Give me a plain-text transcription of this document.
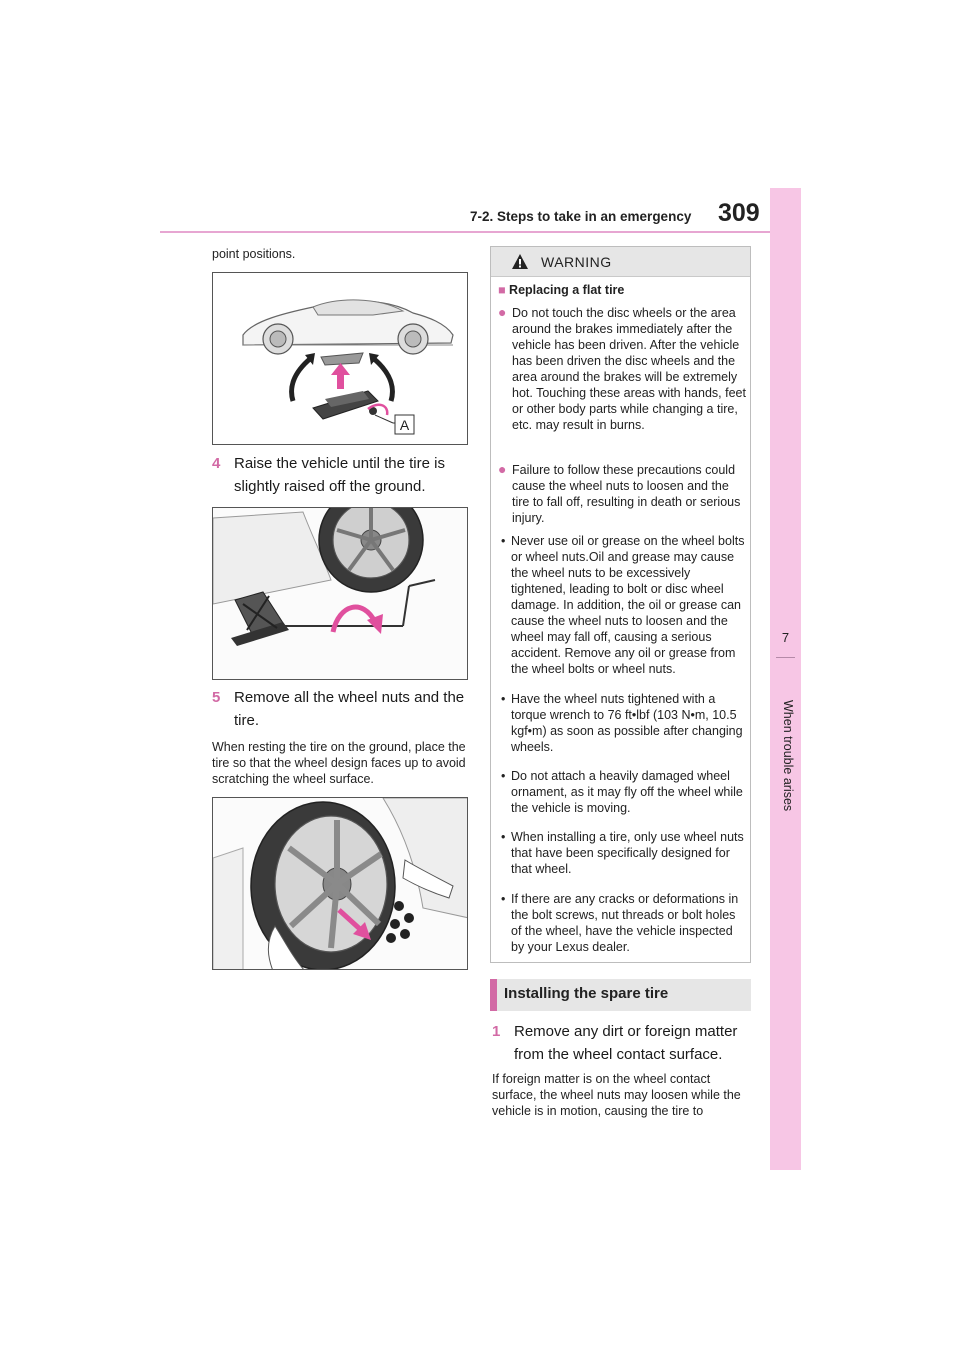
7-2. Steps to take in an emergency 309
7
When trouble arises
point positions.
A
4 Raise the vehicle until the tire is slightly raised off the ground.
5 Remove all the wheel nuts and the tire.
When resting the tire on the ground, place the tire so that the wheel design faces up to avoid scratching the wheel surface.
WARNING
■ Replacing a flat tire
● Do not touch the disc wheels or the area around the brakes immediately after the vehicle has been driven. After the vehicle has been driven the disc wheels and the area around the brakes will be extremely hot. Touching these areas with hands, feet or other body parts while changing a tire, etc. may result in burns.
● Failure to follow these precautions could cause the wheel nuts to loosen and the tire to fall off, resulting in death or serious injury.
• Never use oil or grease on the wheel bolts or wheel nuts.Oil and grease may cause the wheel nuts to be excessively tightened, leading to bolt or disc wheel damage. In addition, the oil or grease can cause the wheel nuts to loosen and the wheel may fall off, causing a serious accident. Remove any oil or grease from the wheel bolts or wheel nuts.
• Have the wheel nuts tightened with a torque wrench to 76 ft•lbf (103 N•m, 10.5 kgf•m) as soon as possible after changing wheels.
• Do not attach a heavily damaged wheel ornament, as it may fly off the wheel while the vehicle is moving.
• When installing a tire, only use wheel nuts that have been specifically designed for that wheel.
• If there are any cracks or deformations in the bolt screws, nut threads or bolt holes of the wheel, have the vehicle inspected by your Lexus dealer.
Installing the spare tire
1 Remove any dirt or foreign matter from the wheel contact surface.
If foreign matter is on the wheel contact surface, the wheel nuts may loosen while the vehicle is in motion, causing the tire to
